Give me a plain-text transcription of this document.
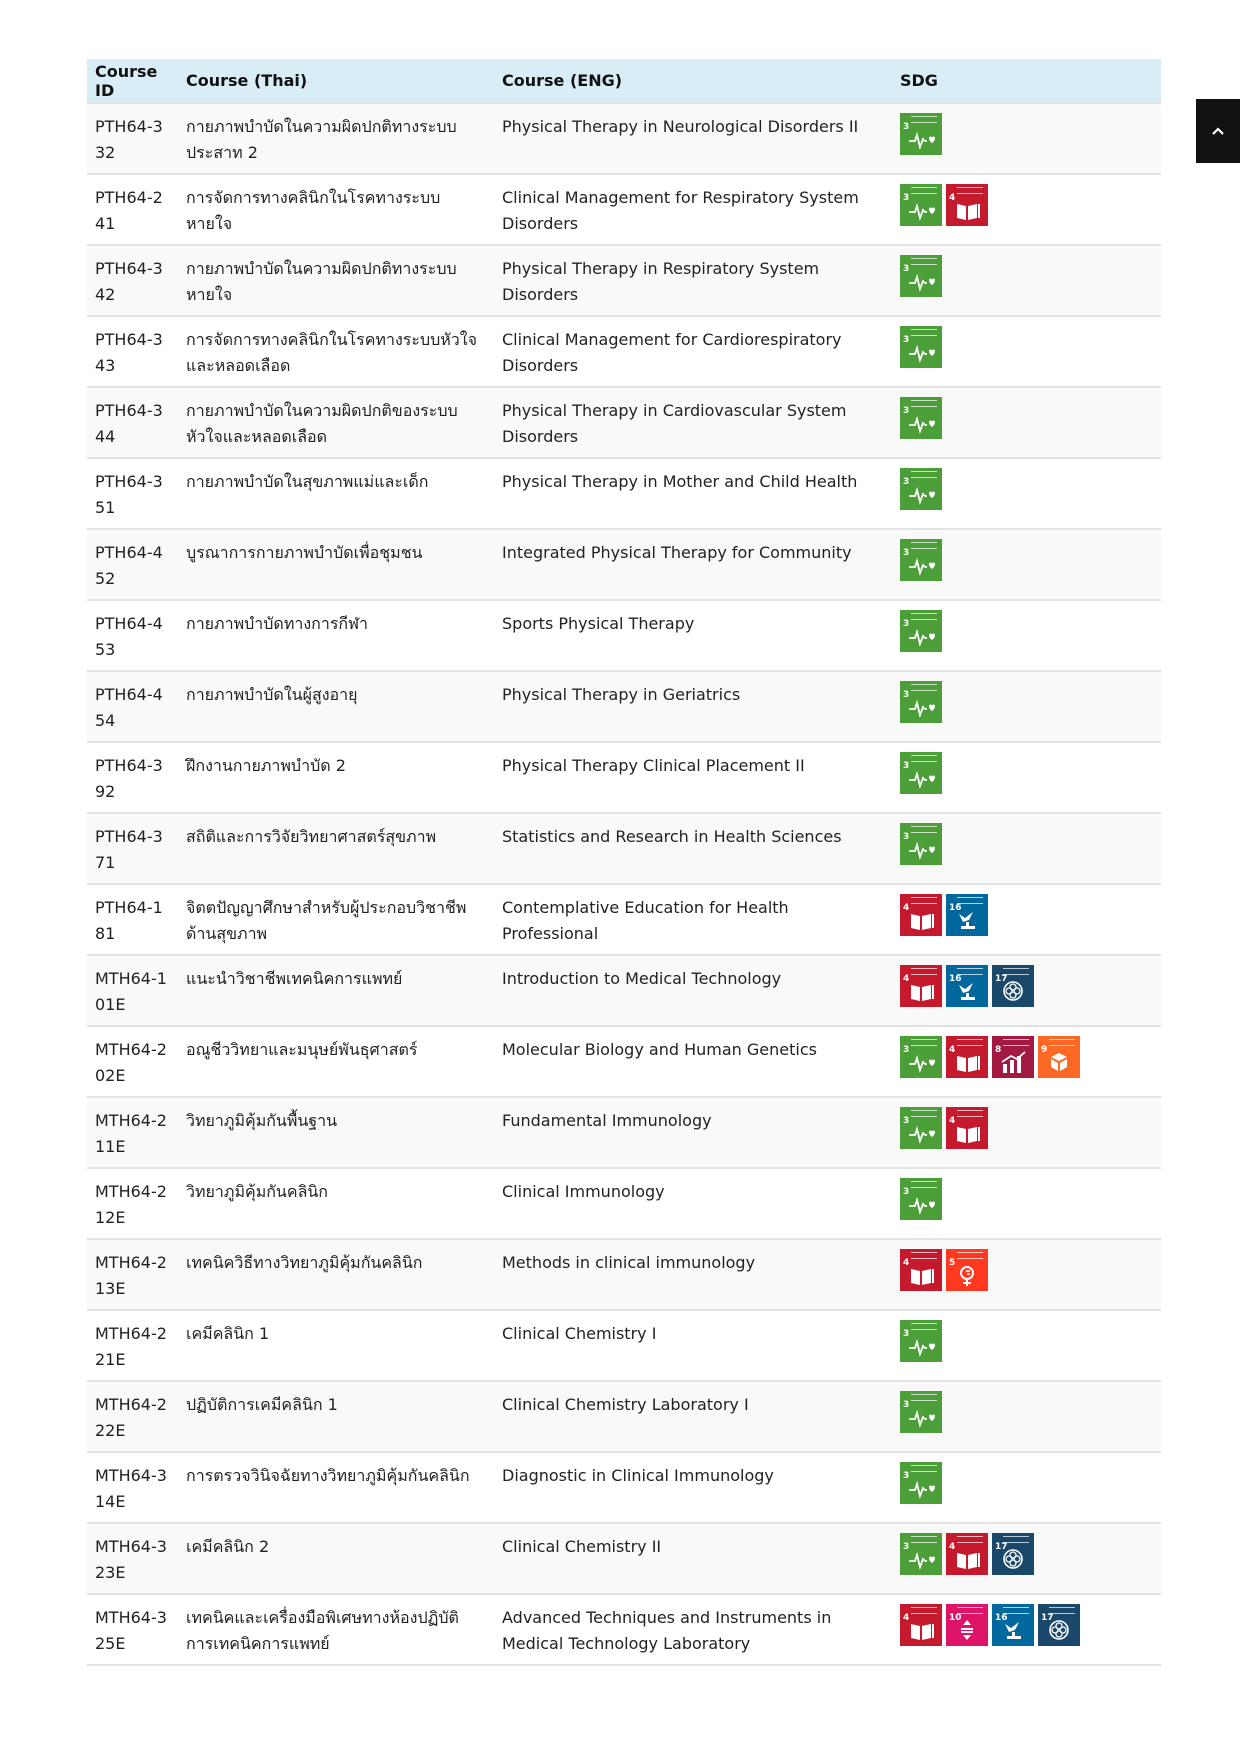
Course ID	Course (Thai)	Course (ENG)	SDG
PTH64-332	กายภาพบำบัดในความผิดปกติทางระบบประสาท 2	Physical Therapy in Neurological Disorders II	3

PTH64-241	การจัดการทางคลินิกในโรคทางระบบหายใจ	Clinical Management for Respiratory System Disorders	3 4

PTH64-342	กายภาพบำบัดในความผิดปกติทางระบบหายใจ	Physical Therapy in Respiratory System Disorders	3

PTH64-343	การจัดการทางคลินิกในโรคทางระบบหัวใจและหลอดเลือด	Clinical Management for Cardiorespiratory Disorders	3

PTH64-344	กายภาพบำบัดในความผิดปกติของระบบหัวใจและหลอดเลือด	Physical Therapy in Cardiovascular System Disorders	3

PTH64-351	กายภาพบำบัดในสุขภาพแม่และเด็ก	Physical Therapy in Mother and Child Health	3

PTH64-452	บูรณาการกายภาพบำบัดเพื่อชุมชน	Integrated Physical Therapy for Community	3

PTH64-453	กายภาพบำบัดทางการกีฬา	Sports Physical Therapy	3

PTH64-454	กายภาพบำบัดในผู้สูงอายุ	Physical Therapy in Geriatrics	3

PTH64-392	ฝึกงานกายภาพบำบัด 2	Physical Therapy Clinical Placement II	3

PTH64-371	สถิติและการวิจัยวิทยาศาสตร์สุขภาพ	Statistics and Research in Health Sciences	3

PTH64-181	จิตตปัญญาศึกษาสำหรับผู้ประกอบวิชาชีพด้านสุขภาพ	Contemplative Education for Health Professional	4 16

MTH64-101E	แนะนำวิชาชีพเทคนิคการแพทย์	Introduction to Medical Technology	4 16 17

MTH64-202E	อณูชีววิทยาและมนุษย์พันธุศาสตร์	Molecular Biology and Human Genetics	3 4 8 9

MTH64-211E	วิทยาภูมิคุ้มกันพื้นฐาน	Fundamental Immunology	3 4

MTH64-212E	วิทยาภูมิคุ้มกันคลินิก	Clinical Immunology	3

MTH64-213E	เทคนิควิธีทางวิทยาภูมิคุ้มกันคลินิก	Methods in clinical immunology	4 5

MTH64-221E	เคมีคลินิก 1	Clinical Chemistry I	3

MTH64-222E	ปฏิบัติการเคมีคลินิก 1	Clinical Chemistry Laboratory I	3

MTH64-314E	การตรวจวินิจฉัยทางวิทยาภูมิคุ้มกันคลินิก	Diagnostic in Clinical Immunology	3

MTH64-323E	เคมีคลินิก 2	Clinical Chemistry II	3 4 17

MTH64-325E	เทคนิคและเครื่องมือพิเศษทางห้องปฏิบัติการเทคนิคการแพทย์	Advanced Techniques and Instruments in Medical Technology Laboratory	4 10 16 17
